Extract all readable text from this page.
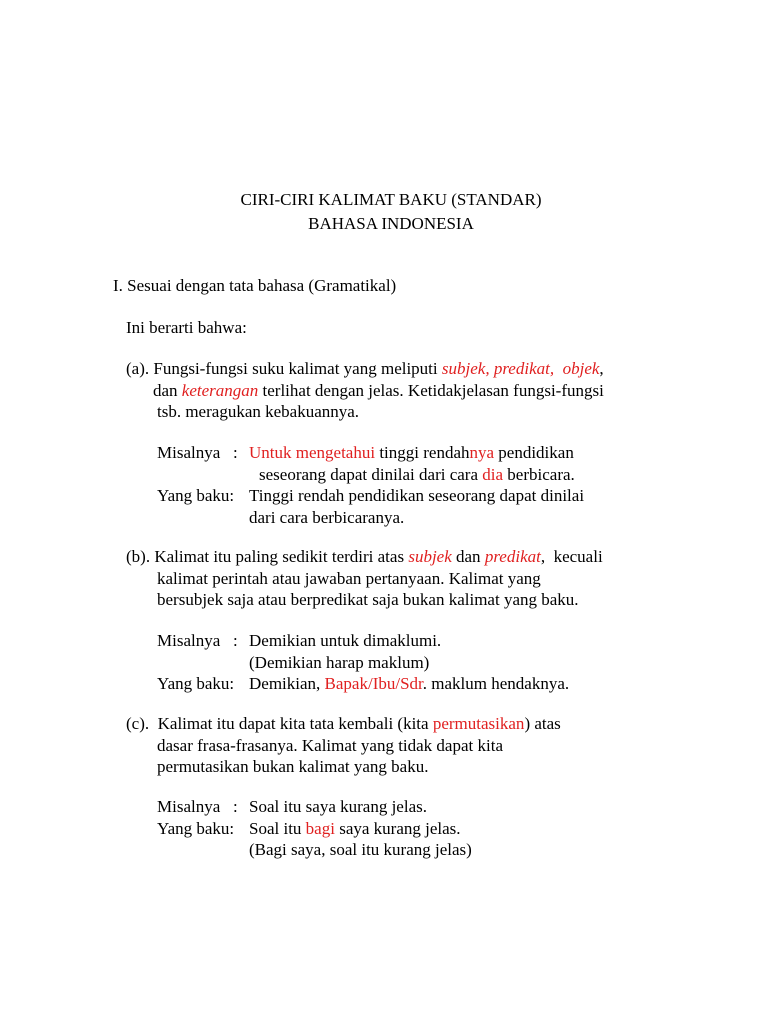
CIRI-CIRI KALIMAT BAKU (STANDAR)
BAHASA INDONESIA
I. Sesuai dengan tata bahasa (Gramatikal)
Ini berarti bahwa:
(a). Fungsi-fungsi suku kalimat yang meliputi subjek, predikat,  objek,
dan keterangan terlihat dengan jelas. Ketidakjelasan fungsi-fungsi
tsb. meragukan kebakuannya.
Misalnya   : Untuk mengetahui tinggi rendahnya pendidikan
seseorang dapat dinilai dari cara dia berbicara.
Yang baku: Tinggi rendah pendidikan seseorang dapat dinilai
dari cara berbicaranya.
(b). Kalimat itu paling sedikit terdiri atas subjek dan predikat,  kecuali
kalimat perintah atau jawaban pertanyaan. Kalimat yang
bersubjek saja atau berpredikat saja bukan kalimat yang baku.
Misalnya   : Demikian untuk dimaklumi.
(Demikian harap maklum)
Yang baku: Demikian, Bapak/Ibu/Sdr. maklum hendaknya.
(c).  Kalimat itu dapat kita tata kembali (kita permutasikan) atas
dasar frasa-frasanya. Kalimat yang tidak dapat kita
permutasikan bukan kalimat yang baku.
Misalnya   : Soal itu saya kurang jelas.
Yang baku: Soal itu bagi saya kurang jelas.
(Bagi saya, soal itu kurang jelas)
